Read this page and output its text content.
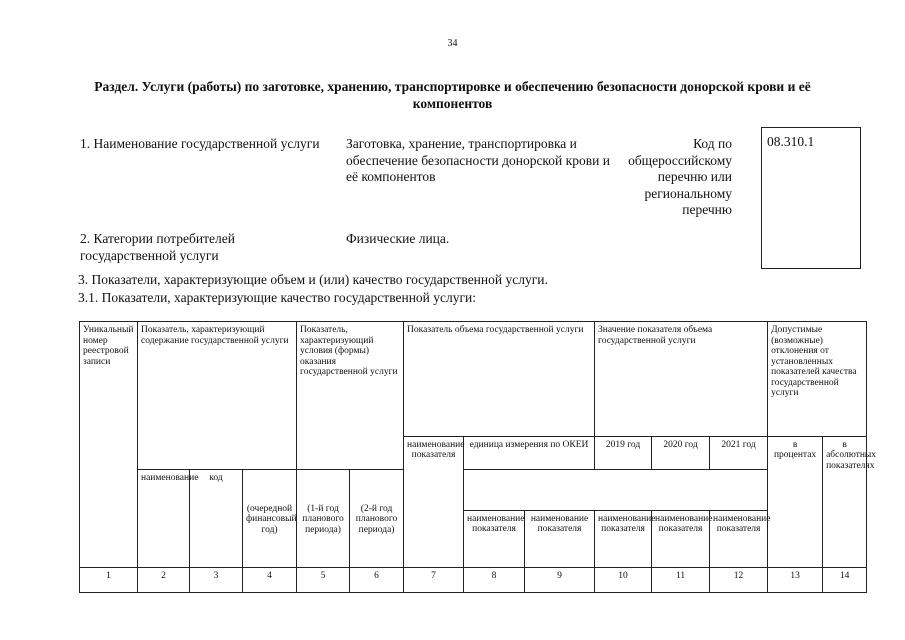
34
Раздел. Услуги (работы) по заготовке, хранению, транспортировке и обеспечению безопасности донорской крови и её компонентов
1. Наименование государственной услуги Заготовка, хранение, транспортировка и обеспечение безопасности донорской крови и её компонентов
Код по общероссийскому перечню или региональному перечню
08.310.1
2. Категории потребителей государственной услуги
Физические лица.
3. Показатели, характеризующие объем и (или) качество государственной услуги.
3.1. Показатели, характеризующие качество государственной услуги:
Уникальный номер реестровой записи	Показатель, характеризующий содержание государственной услуги			Показатель, характеризующий условия (формы) оказания государственной услуги		Показатель объема государственной услуги			Значение показателя объема государственной услуги			Допустимые (возможные) отклонения от установленных показателей качества государственной услуги	
						наименование показателя	единица измерения по ОКЕИ		2019 год	2020 год	2021 год	в процентах	в абсолютных показателях
	наименование	код	(очередной финансовый год)	(1-й год планового периода)	(2-й год планового периода)								
							наименование показателя	наименование показателя	наименование показателя	наименование показателя	наименование показателя		
1	2	3	4	5	6	7	8	9	10	11	12	13	14
